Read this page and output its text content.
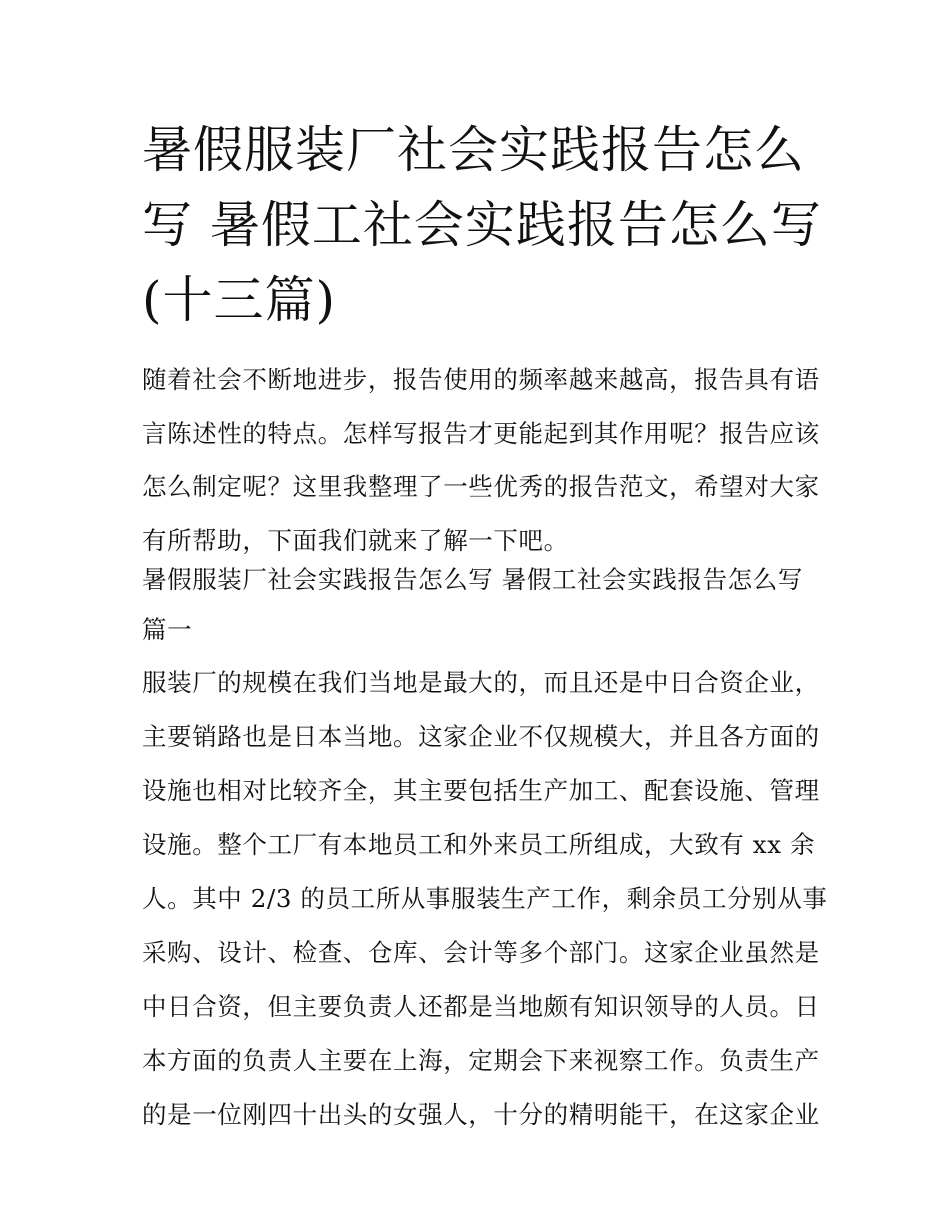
暑假服装厂社会实践报告怎么
写 暑假工社会实践报告怎么写
(十三篇)
随着社会不断地进步，报告使用的频率越来越高，报告具有语
言陈述性的特点。怎样写报告才更能起到其作用呢？报告应该
怎么制定呢？这里我整理了一些优秀的报告范文，希望对大家
有所帮助，下面我们就来了解一下吧。
暑假服装厂社会实践报告怎么写 暑假工社会实践报告怎么写
篇一
服装厂的规模在我们当地是最大的，而且还是中日合资企业，
主要销路也是日本当地。这家企业不仅规模大，并且各方面的
设施也相对比较齐全，其主要包括生产加工、配套设施、管理
设施。整个工厂有本地员工和外来员工所组成，大致有 xx 余
人。其中 2/3 的员工所从事服装生产工作，剩余员工分别从事
采购、设计、检查、仓库、会计等多个部门。这家企业虽然是
中日合资，但主要负责人还都是当地颇有知识领导的人员。日
本方面的负责人主要在上海，定期会下来视察工作。负责生产
的是一位刚四十出头的女强人，十分的精明能干，在这家企业
